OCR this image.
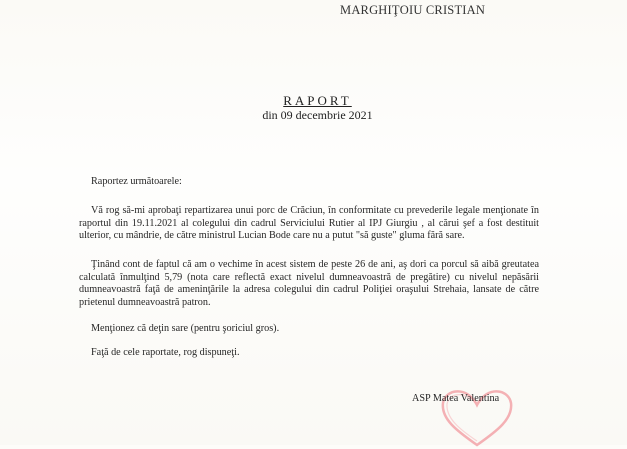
MARGHIŢOIU CRISTIAN
RAPORT
din 09 decembrie 2021
Raportez următoarele:
Vă rog să-mi aprobaţi repartizarea unui porc de Crăciun, în conformitate cu prevederile legale menţionate în raportul din 19.11.2021 al colegului din cadrul Serviciului Rutier al IPJ Giurgiu , al cărui şef a fost destituit ulterior, cu mândrie, de către ministrul Lucian Bode care nu a putut "să guste" gluma fără sare.
Ţinând cont de faptul că am o vechime în acest sistem de peste 26 de ani, aş dori ca porcul să aibă greutatea calculată înmulţind 5,79 (nota care reflectă exact nivelul dumneavoastră de pregătire) cu nivelul nepăsării dumneavoastră faţă de ameninţările la adresa colegului din cadrul Poliţiei oraşului Strehaia, lansate de către prietenul dumneavoastră patron.
Menţionez că deţin sare (pentru şoriciul gros).
Faţă de cele raportate, rog dispuneţi.
ASP Matea Valentina
